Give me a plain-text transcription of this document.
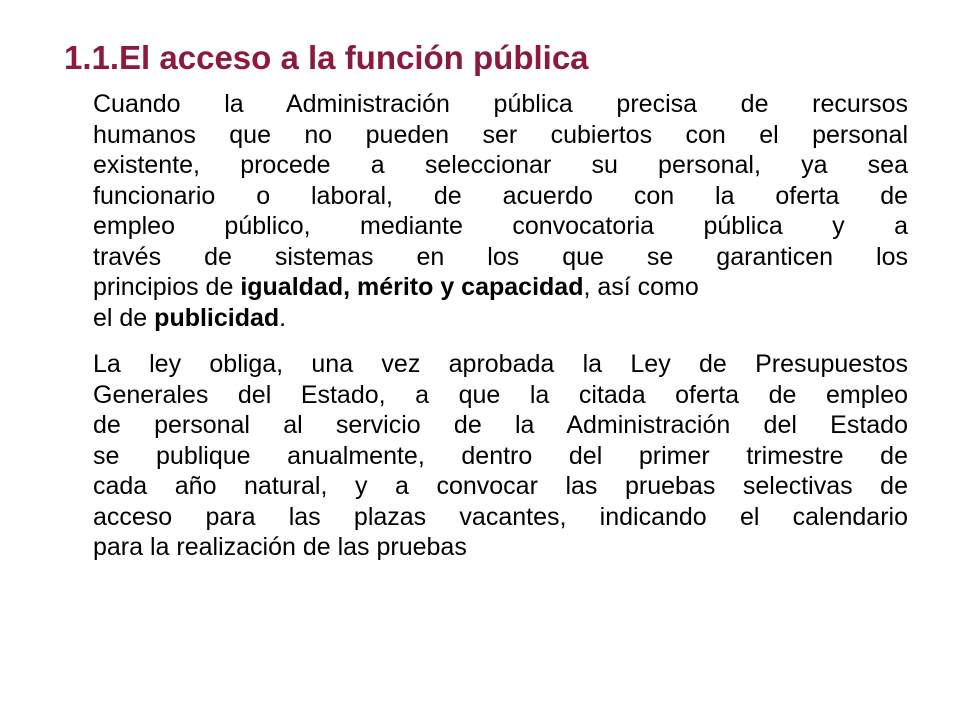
1.1.El acceso a la función pública

Cuando la Administración pública precisa de recursos
humanos que no pueden ser cubiertos con el personal
existente, procede a seleccionar su personal, ya sea
funcionario o laboral, de acuerdo con la oferta de
empleo público, mediante convocatoria pública y a
través de sistemas en los que se garanticen los
principios de igualdad, mérito y capacidad, así como
el de publicidad.

La ley obliga, una vez aprobada la Ley de Presupuestos
Generales del Estado, a que la citada oferta de empleo
de personal al servicio de la Administración del Estado
se publique anualmente, dentro del primer trimestre de
cada año natural, y a convocar las pruebas selectivas de
acceso para las plazas vacantes, indicando el calendario
para la realización de las pruebas
